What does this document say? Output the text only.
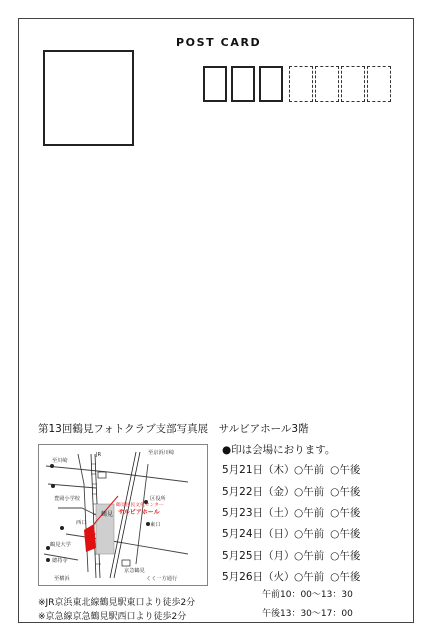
POST CARD
第13回鶴見フォトクラブ支部写真展　サルビアホール3階
●印は会場におります。
5月21日（木） ○午前 ○午後
5月22日（金） ○午前 ○午後
5月23日（土） ○午前 ○午後
5月24日（日） ○午前 ○午後
5月25日（月） ○午前 ○午後
5月26日（火） ○午前 ○午後
午前10：00〜13：30
午後13：30〜17：00
※JR京浜東北線鶴見駅東口より徒歩2分
※京急線京急鶴見駅西口より徒歩2分
至川崎
JR	至京浜川崎
豊岡小学校
西口
区役所
東口
鶴見
鶴見区民文化センター
サルビアホール
鶴見大学
總持寺
京急鶴見
至横浜	くく一方通行
